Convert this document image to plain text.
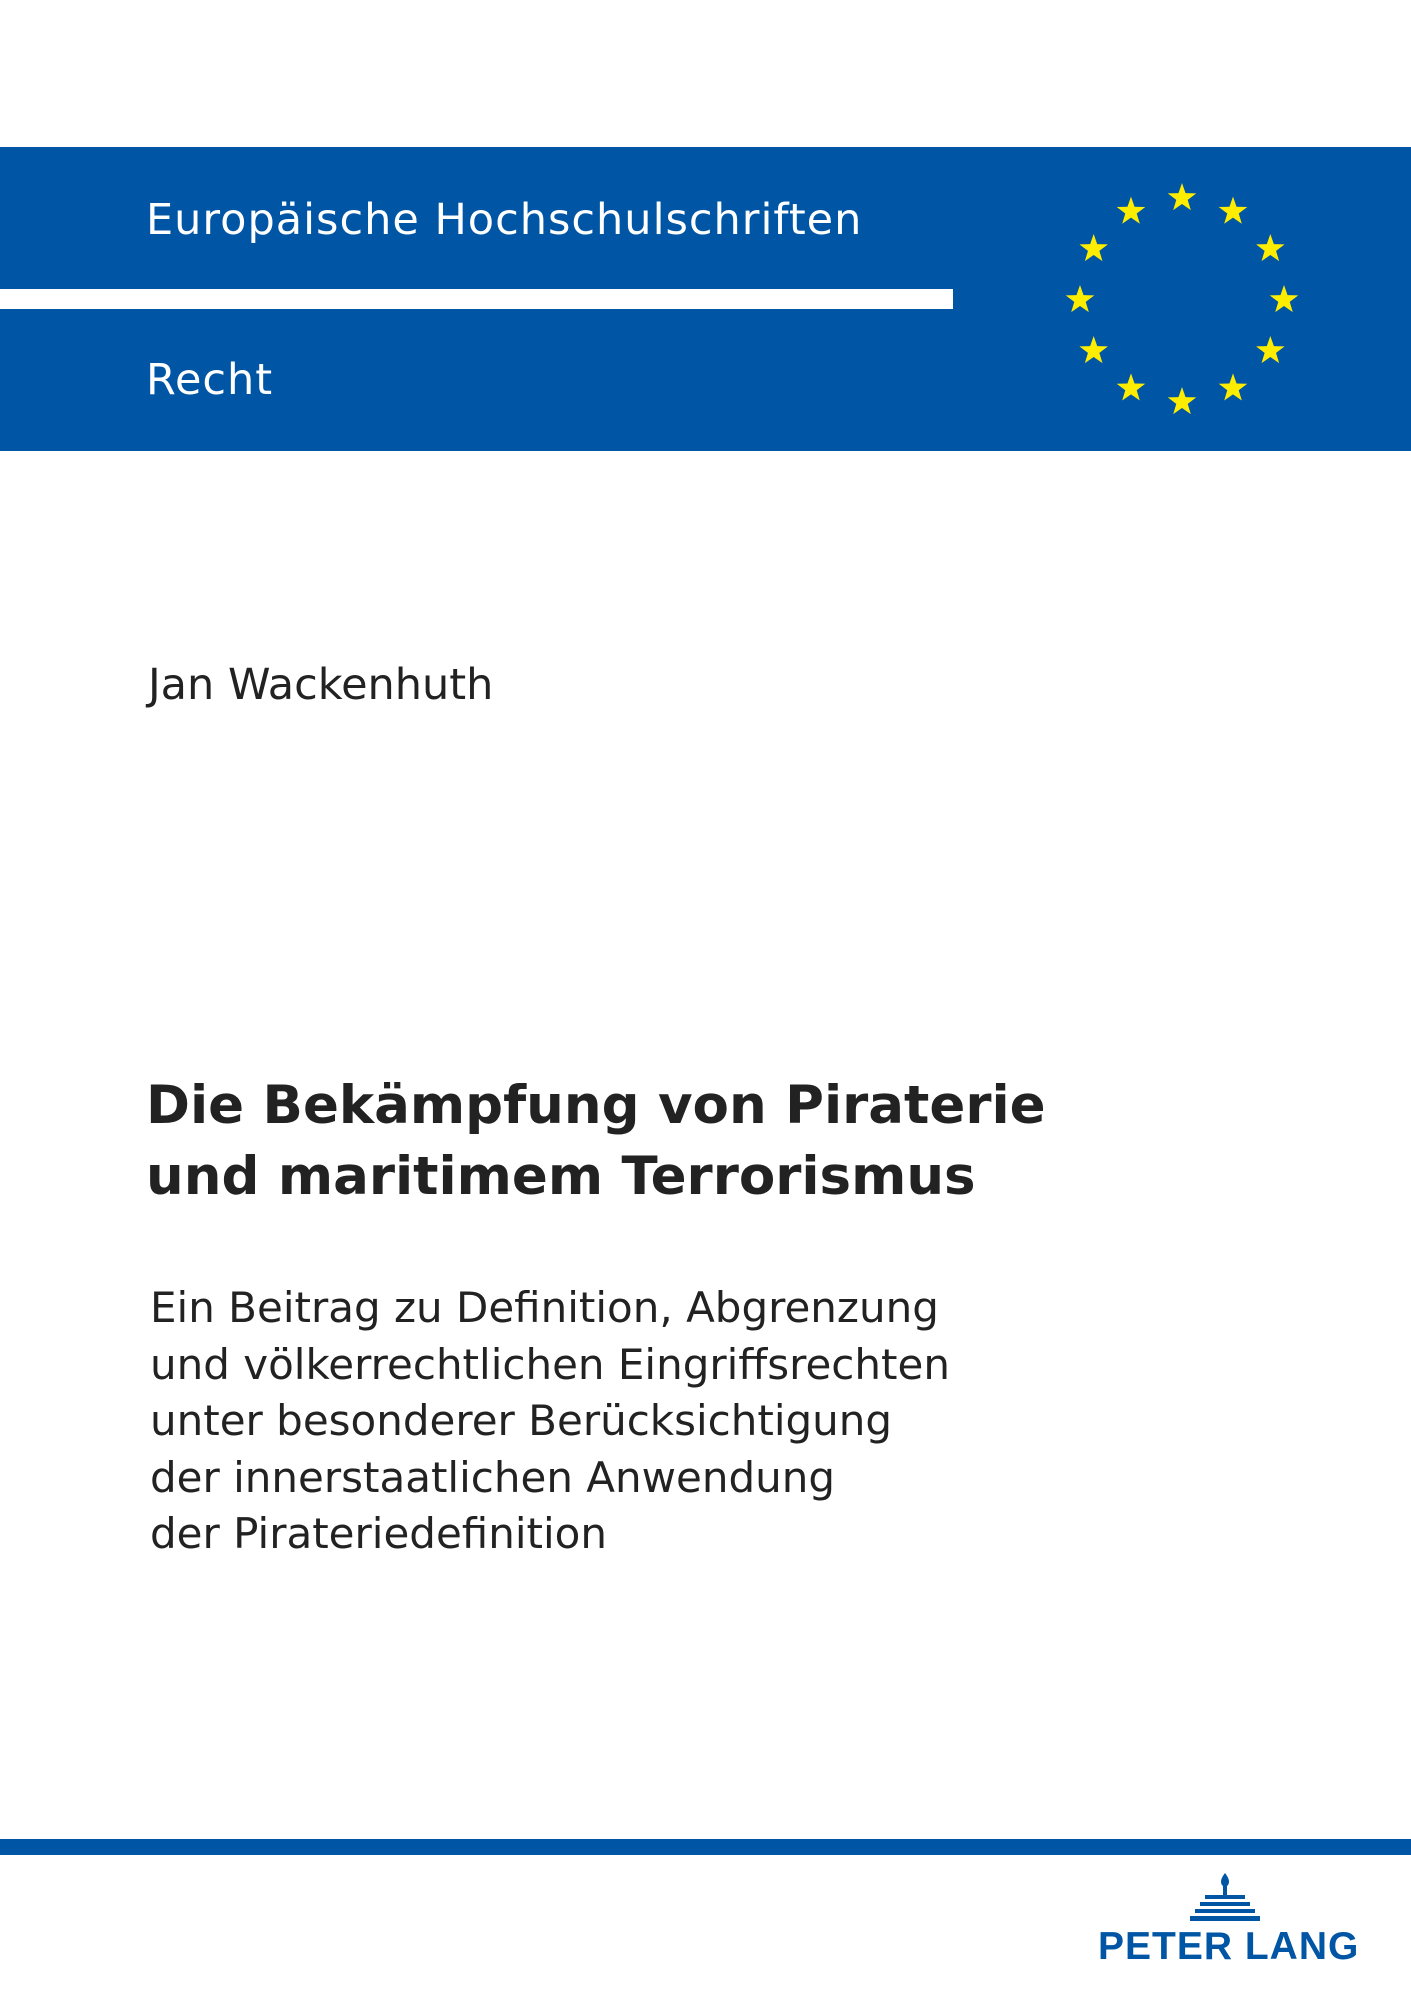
Europäische Hochschulschriften
Recht
Jan Wackenhuth
Die Bekämpfung von Piraterie
und maritimem Terrorismus
Ein Beitrag zu Definition, Abgrenzung
und völkerrechtlichen Eingriffsrechten
unter besonderer Berücksichtigung
der innerstaatlichen Anwendung
der Pirateriedefinition
PETER LANG
